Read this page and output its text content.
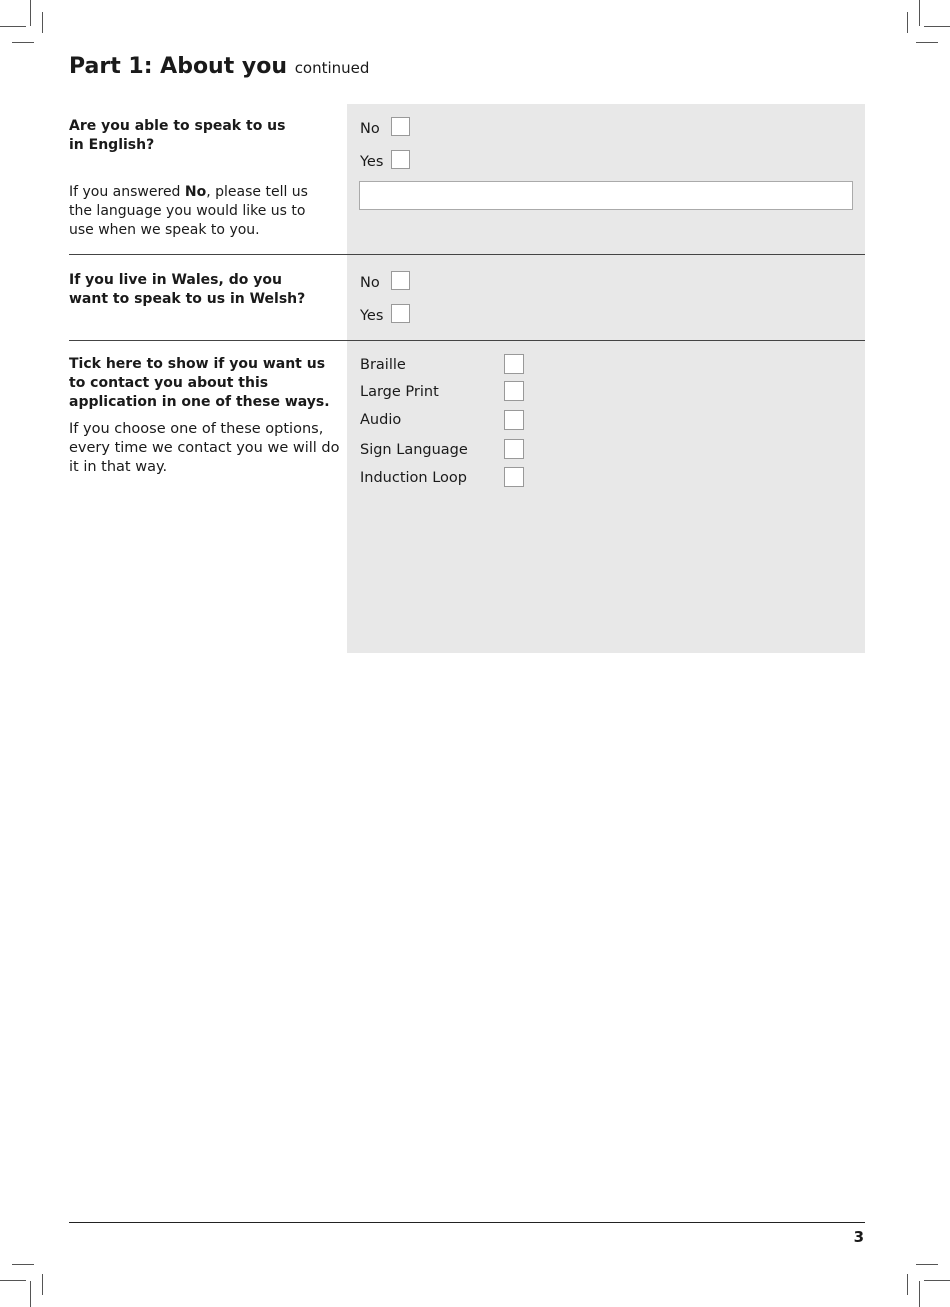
Part 1: About you continued
Are you able to speak to us in English?
If you answered No, please tell us the language you would like us to use when we speak to you.
No
Yes
If you live in Wales, do you want to speak to us in Welsh?
No
Yes
Tick here to show if you want us to contact you about this application in one of these ways.
If you choose one of these options, every time we contact you we will do it in that way.
Braille
Large Print
Audio
Sign Language
Induction Loop
3
